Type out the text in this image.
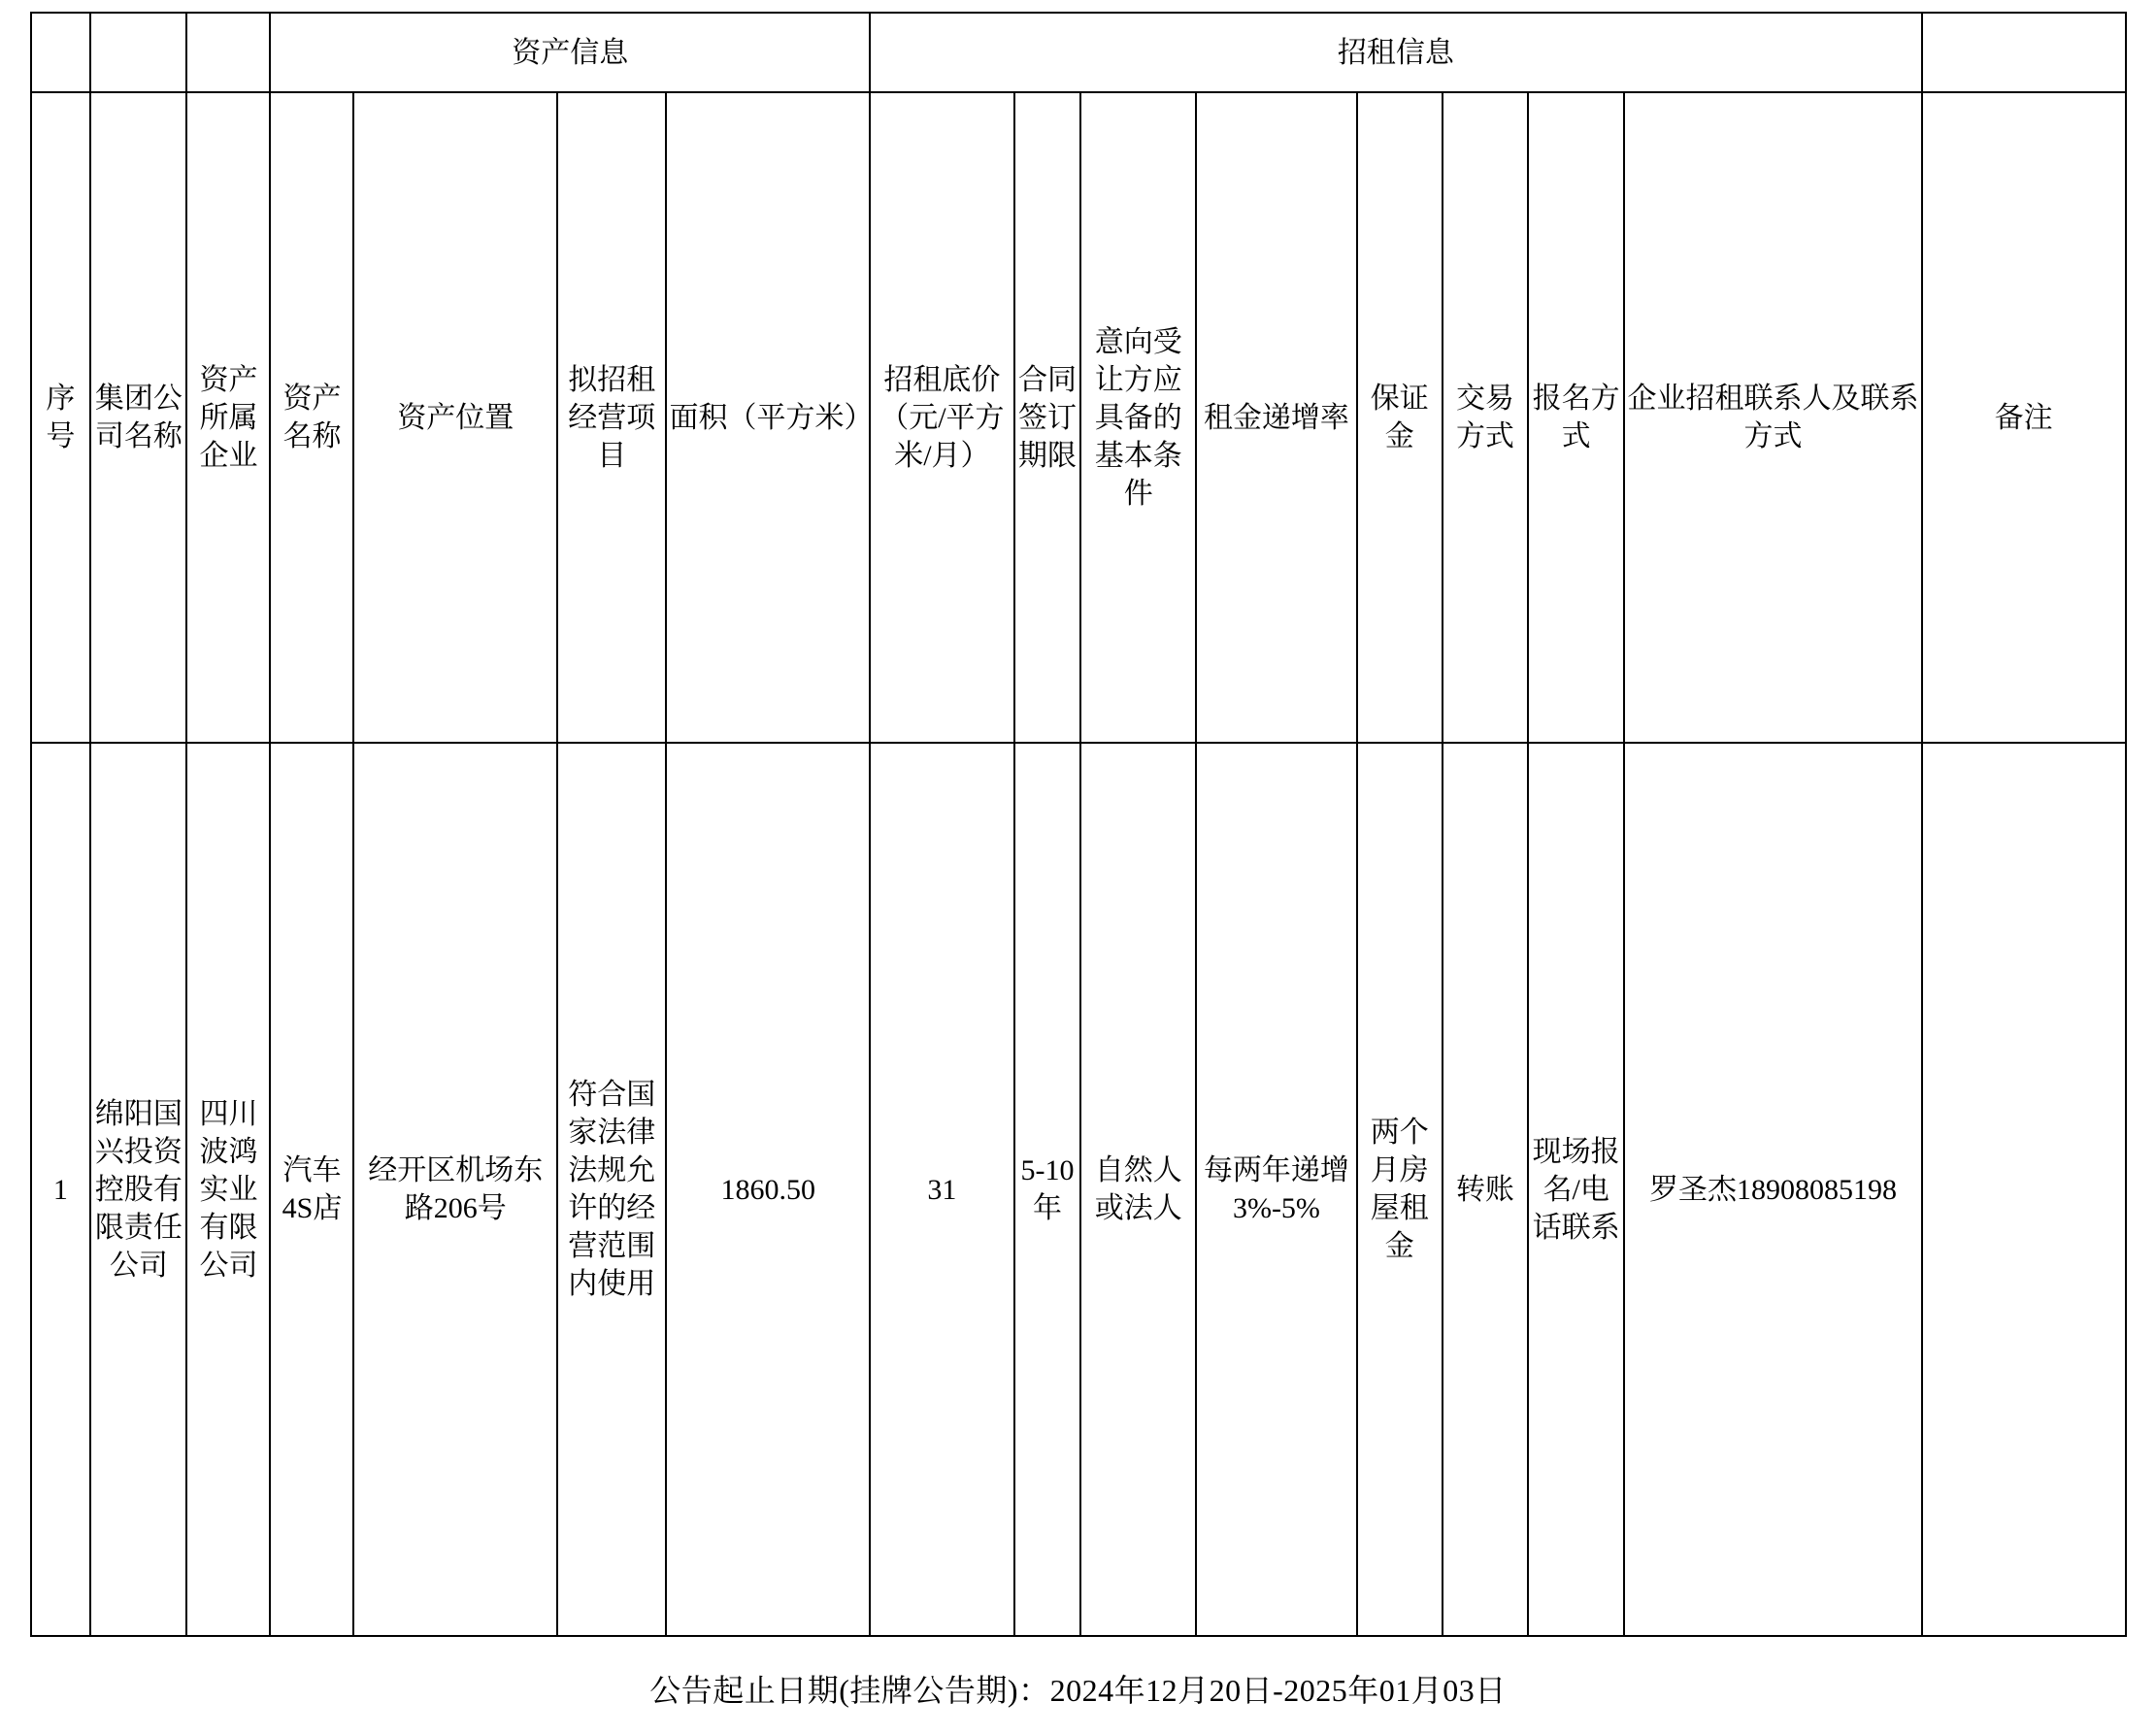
			资产信息				招租信息								
序号	集团公司名称	资产所属企业	资产名称	资产位置	拟招租经营项目	面积（平方米）	招租底价（元/平方米/月）	合同签订期限	意向受让方应具备的基本条件	租金递增率	保证金	交易方式	报名方式	企业招租联系人及联系方式	备注
1	绵阳国兴投资控股有限责任公司	四川波鸿实业有限公司	汽车4S店	经开区机场东路206号	符合国家法律法规允许的经营范围内使用	1860.50	31	5-10年	自然人或法人	每两年递增3%-5%	两个月房屋租金	转账	现场报名/电话联系	罗圣杰18908085198	
公告起止日期(挂牌公告期)：2024年12月20日-2025年01月03日
